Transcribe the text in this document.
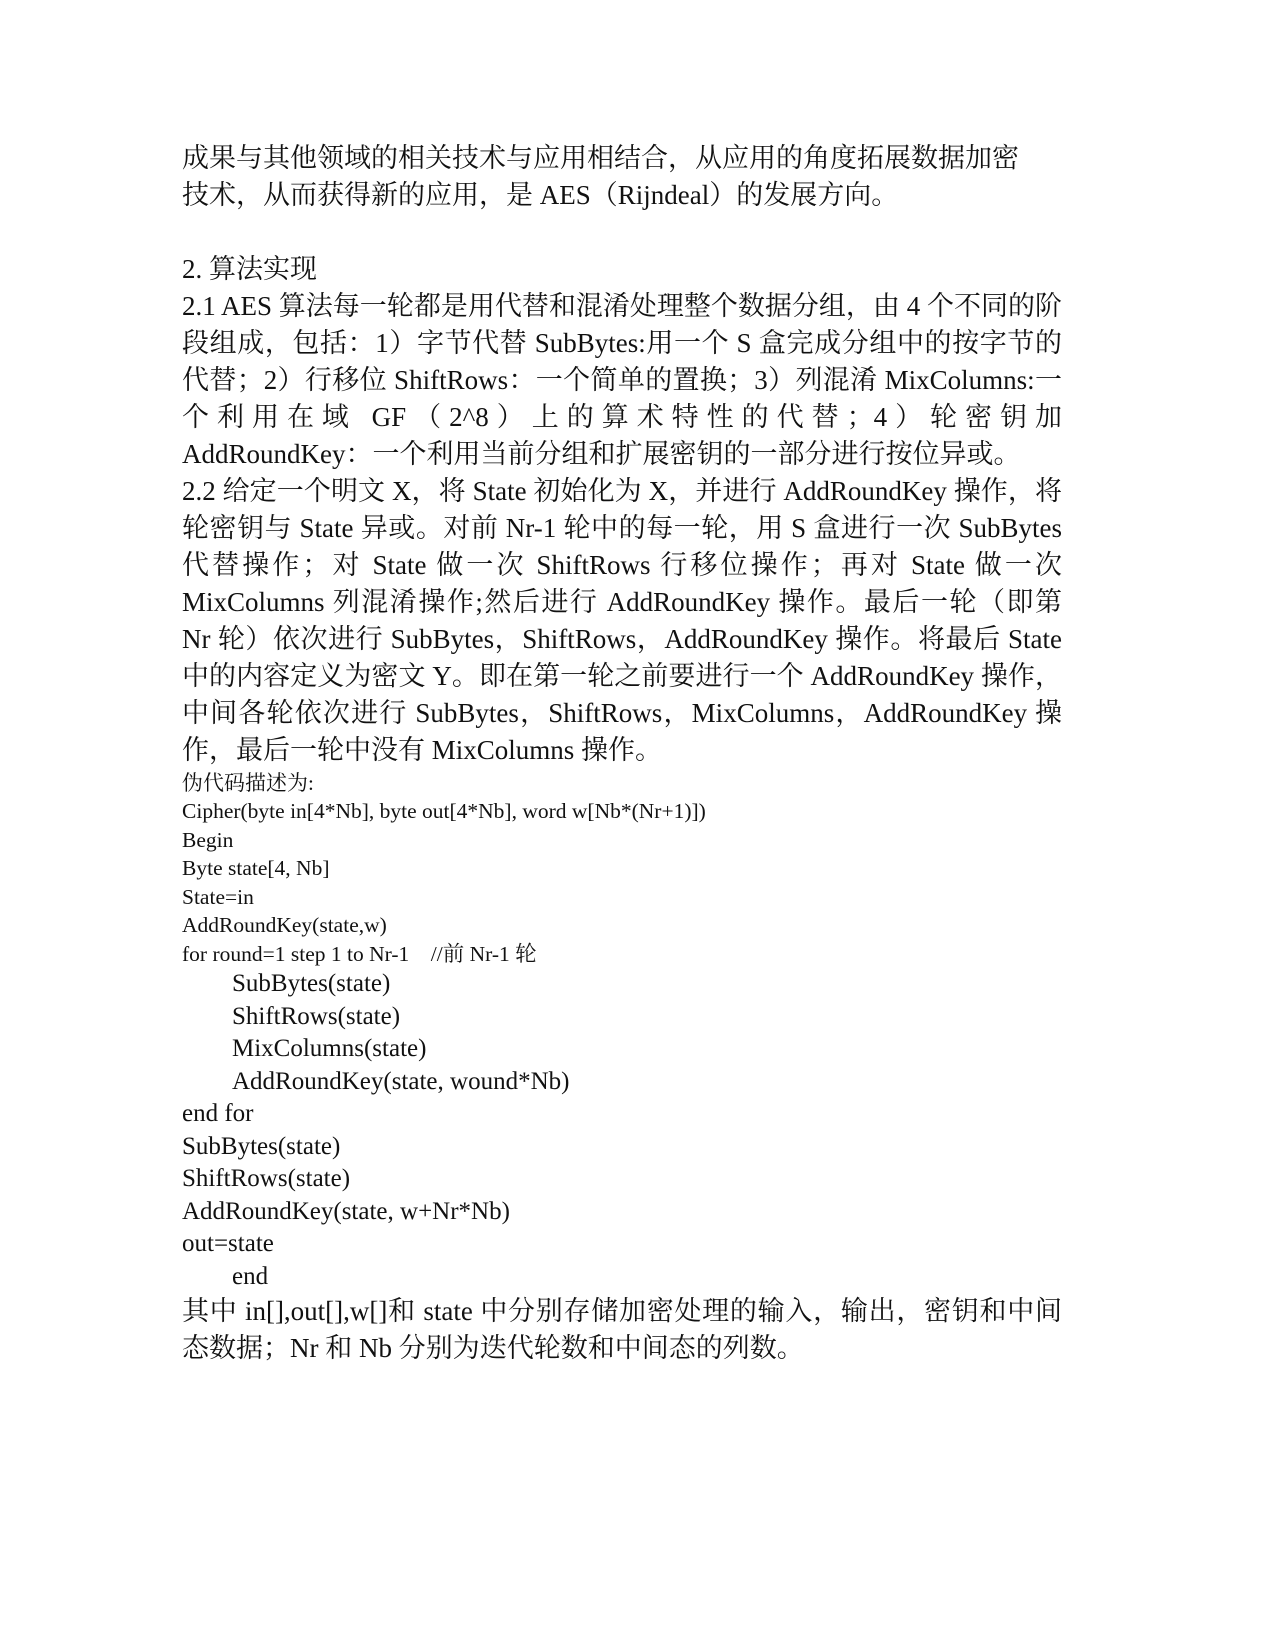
成果与其他领域的相关技术与应用相结合，从应用的角度拓展数据加密

技术，从而获得新的应用，是 AES（Rijndeal）的发展方向。

2. 算法实现

2.1 AES 算法每一轮都是用代替和混淆处理整个数据分组，由 4 个不同的阶段组成，包括：1）字节代替 SubBytes:用一个 S 盒完成分组中的按字节的代替；2）行移位 ShiftRows：一个简单的置换；3）列混淆 MixColumns:一个利用在域 GF（2^8）上的算术特性的代替；4）轮密钥加 AddRoundKey：一个利用当前分组和扩展密钥的一部分进行按位异或。

2.2 给定一个明文 X，将 State 初始化为 X，并进行 AddRoundKey 操作，将轮密钥与 State 异或。对前 Nr-1 轮中的每一轮，用 S 盒进行一次 SubBytes 代替操作；对 State 做一次 ShiftRows 行移位操作；再对 State 做一次 MixColumns 列混淆操作;然后进行 AddRoundKey 操作。最后一轮（即第 Nr 轮）依次进行 SubBytes，ShiftRows，AddRoundKey 操作。将最后 State 中的内容定义为密文 Y。即在第一轮之前要进行一个 AddRoundKey 操作，中间各轮依次进行 SubBytes，ShiftRows，MixColumns，AddRoundKey 操作，最后一轮中没有 MixColumns 操作。

伪代码描述为:

Cipher(byte in[4*Nb], byte out[4*Nb], word w[Nb*(Nr+1)])

Begin

Byte state[4, Nb]

State=in

AddRoundKey(state,w)

for round=1 step 1 to Nr-1    //前 Nr-1 轮

SubBytes(state)

ShiftRows(state)

MixColumns(state)

AddRoundKey(state, wound*Nb)

end for

SubBytes(state)

ShiftRows(state)

AddRoundKey(state, w+Nr*Nb)

out=state

end

其中 in[],out[],w[]和 state 中分别存储加密处理的输入，输出，密钥和中间态数据；Nr 和 Nb 分别为迭代轮数和中间态的列数。
